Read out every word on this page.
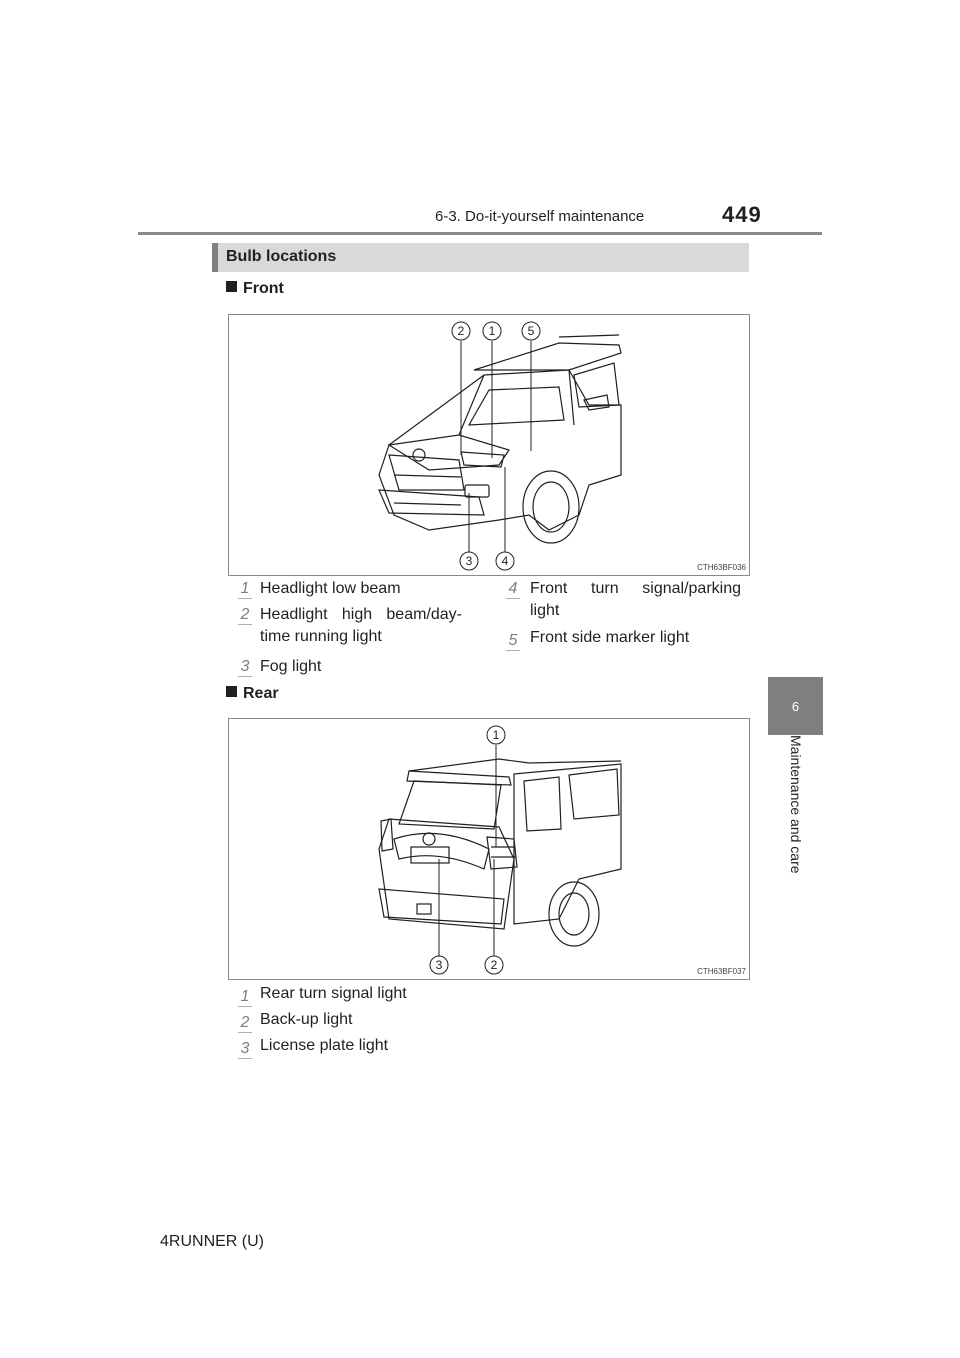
6-3. Do-it-yourself maintenance	449
6
Maintenance and care
Bulb locations
Front
2 1	5
3 4	CTH63BF036
1 Headlight low beam
2 Headlight high beam/day-
time running light
3 Fog light
4 Front turn signal/parking
light
5 Front side marker light
Rear
1
3	2	CTH63BF037
1 Rear turn signal light
2 Back-up light
3 License plate light
4RUNNER (U)
